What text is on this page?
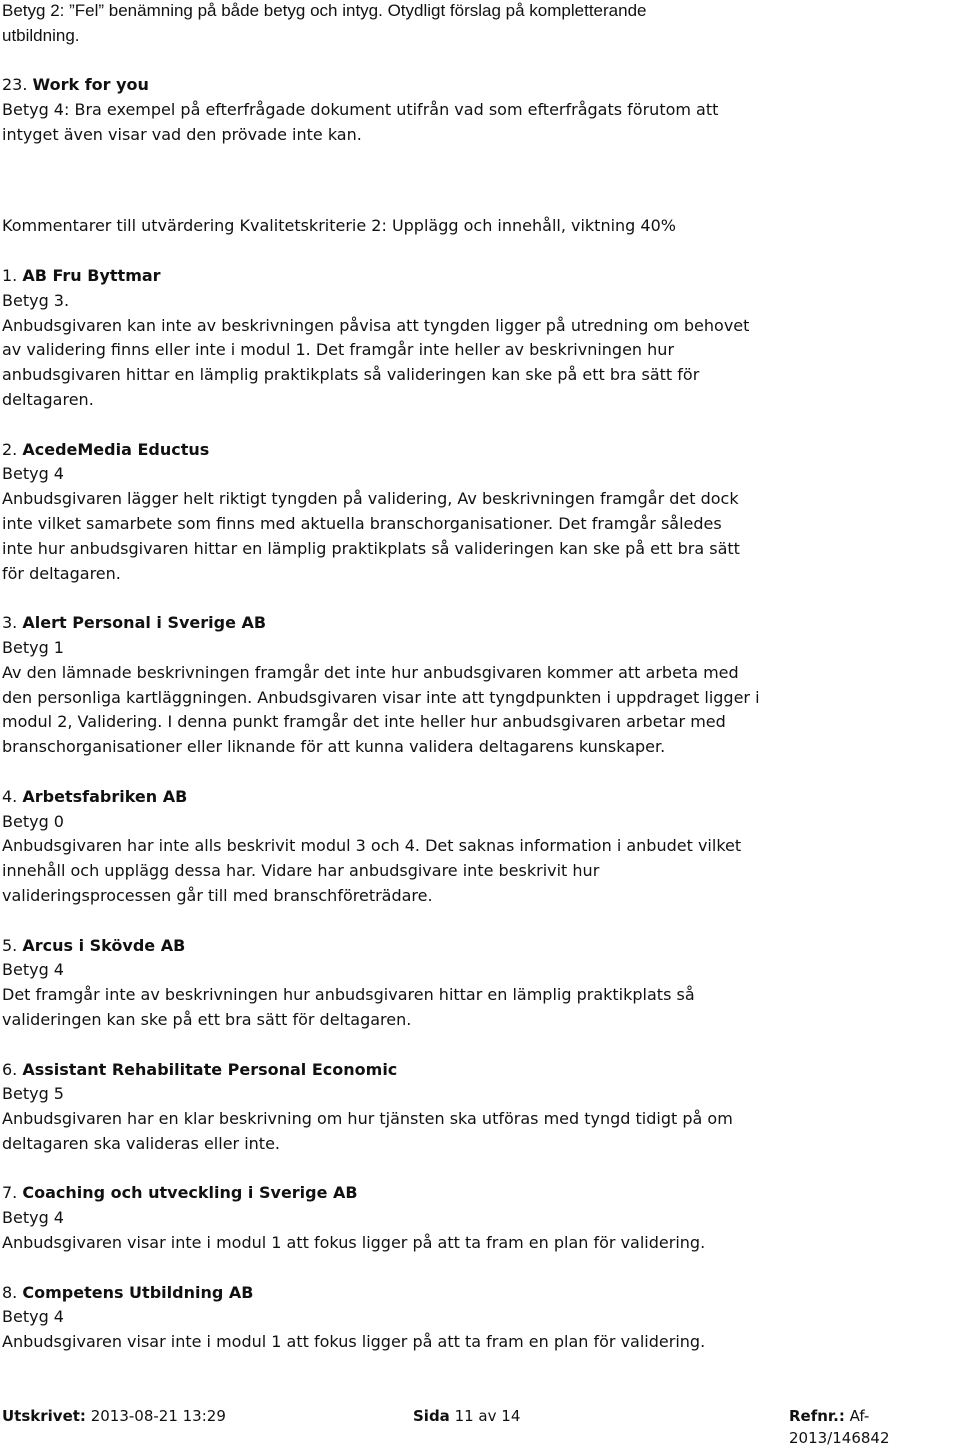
Betyg 2: ”Fel” benämning på både betyg och intyg. Otydligt förslag på kompletterande
utbildning.
23. Work for you
Betyg 4: Bra exempel på efterfrågade dokument utifrån vad som efterfrågats förutom att
intyget även visar vad den prövade inte kan.
Kommentarer till utvärdering Kvalitetskriterie 2: Upplägg och innehåll, viktning 40%
1. AB Fru Byttmar
Betyg 3.
Anbudsgivaren kan inte av beskrivningen påvisa att tyngden ligger på utredning om behovet
av validering finns eller inte i modul 1. Det framgår inte heller av beskrivningen hur
anbudsgivaren hittar en lämplig praktikplats så valideringen kan ske på ett bra sätt för
deltagaren.
2. AcedeMedia Eductus
Betyg 4
Anbudsgivaren lägger helt riktigt tyngden på validering, Av beskrivningen framgår det dock
inte vilket samarbete som finns med aktuella branschorganisationer. Det framgår således
inte hur anbudsgivaren hittar en lämplig praktikplats så valideringen kan ske på ett bra sätt
för deltagaren.
3. Alert Personal i Sverige AB
Betyg 1
Av den lämnade beskrivningen framgår det inte hur anbudsgivaren kommer att arbeta med
den personliga kartläggningen. Anbudsgivaren visar inte att tyngdpunkten i uppdraget ligger i
modul 2, Validering. I denna punkt framgår det inte heller hur anbudsgivaren arbetar med
branschorganisationer eller liknande för att kunna validera deltagarens kunskaper.
4. Arbetsfabriken AB
Betyg 0
Anbudsgivaren har inte alls beskrivit modul 3 och 4. Det saknas information i anbudet vilket
innehåll och upplägg dessa har. Vidare har anbudsgivare inte beskrivit hur
valideringsprocessen går till med branschföreträdare.
5. Arcus i Skövde AB
Betyg 4
Det framgår inte av beskrivningen hur anbudsgivaren hittar en lämplig praktikplats så
valideringen kan ske på ett bra sätt för deltagaren.
6. Assistant Rehabilitate Personal Economic
Betyg 5
Anbudsgivaren har en klar beskrivning om hur tjänsten ska utföras med tyngd tidigt på om
deltagaren ska valideras eller inte.
7. Coaching och utveckling i Sverige AB
Betyg 4
Anbudsgivaren visar inte i modul 1 att fokus ligger på att ta fram en plan för validering.
8. Competens Utbildning AB
Betyg 4
Anbudsgivaren visar inte i modul 1 att fokus ligger på att ta fram en plan för validering.
Utskrivet: 2013-08-21 13:29	Sida 11 av 14	Refnr.: Af-2013/146842
